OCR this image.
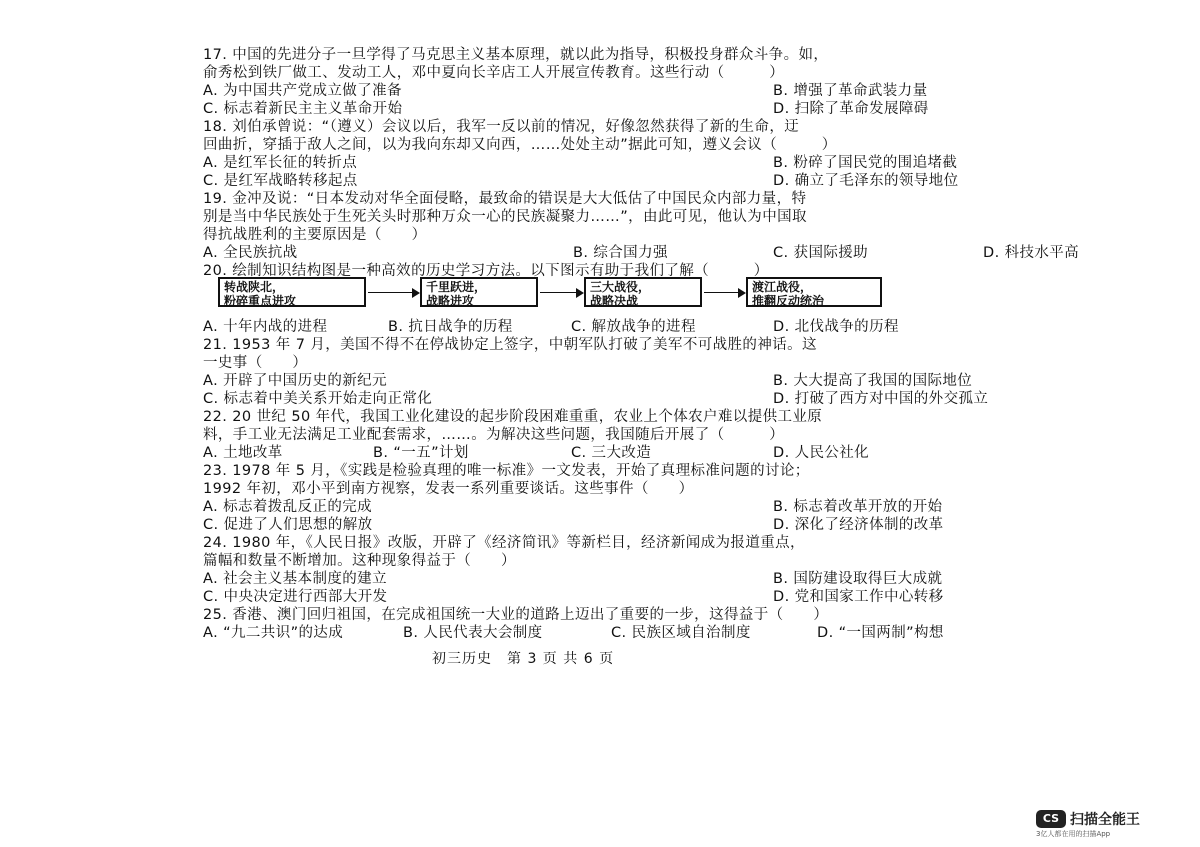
17. 中国的先进分子一旦学得了马克思主义基本原理，就以此为指导，积极投身群众斗争。如，
俞秀松到铁厂做工、发动工人，邓中夏向长辛店工人开展宣传教育。这些行动（　　　）
A. 为中国共产党成立做了准备	B. 增强了革命武装力量
C. 标志着新民主主义革命开始	D. 扫除了革命发展障碍
18. 刘伯承曾说：“（遵义）会议以后，我军一反以前的情况，好像忽然获得了新的生命，迂
回曲折，穿插于敌人之间，以为我向东却又向西，……处处主动”据此可知，遵义会议（　　　）
A. 是红军长征的转折点	B. 粉碎了国民党的围追堵截
C. 是红军战略转移起点	D. 确立了毛泽东的领导地位
19. 金冲及说：“日本发动对华全面侵略，最致命的错误是大大低估了中国民众内部力量，特
别是当中华民族处于生死关头时那种万众一心的民族凝聚力……”，由此可见，他认为中国取
得抗战胜利的主要原因是（　　）
A. 全民族抗战	B. 综合国力强	C. 获国际援助	D. 科技水平高
20. 绘制知识结构图是一种高效的历史学习方法。以下图示有助于我们了解（　　　）
转战陕北，
粉碎重点进攻
千里跃进，
战略进攻
三大战役，
战略决战
渡江战役，
推翻反动统治
A. 十年内战的进程	B. 抗日战争的历程	C. 解放战争的进程	D. 北伐战争的历程
21. 1953 年 7 月，美国不得不在停战协定上签字，中朝军队打破了美军不可战胜的神话。这
一史事（　　）
A. 开辟了中国历史的新纪元	B. 大大提高了我国的国际地位
C. 标志着中美关系开始走向正常化	D. 打破了西方对中国的外交孤立
22. 20 世纪 50 年代，我国工业化建设的起步阶段困难重重，农业上个体农户难以提供工业原
料，手工业无法满足工业配套需求，……。为解决这些问题，我国随后开展了（　　　）
A. 土地改革	B. “一五”计划	C. 三大改造	D. 人民公社化
23. 1978 年 5 月，《实践是检验真理的唯一标准》一文发表，开始了真理标准问题的讨论；
1992 年初，邓小平到南方视察，发表一系列重要谈话。这些事件（　　）
A. 标志着拨乱反正的完成	B. 标志着改革开放的开始
C. 促进了人们思想的解放	D. 深化了经济体制的改革
24. 1980 年，《人民日报》改版，开辟了《经济简讯》等新栏目，经济新闻成为报道重点，
篇幅和数量不断增加。这种现象得益于（　　）
A. 社会主义基本制度的建立	B. 国防建设取得巨大成就
C. 中央决定进行西部大开发	D. 党和国家工作中心转移
25. 香港、澳门回归祖国，在完成祖国统一大业的道路上迈出了重要的一步，这得益于（　　）
A. “九二共识”的达成	B. 人民代表大会制度	C. 民族区域自治制度	D. “一国两制”构想
初三历史　第 3 页 共 6 页
CS 扫描全能王
3亿人都在用的扫描App
